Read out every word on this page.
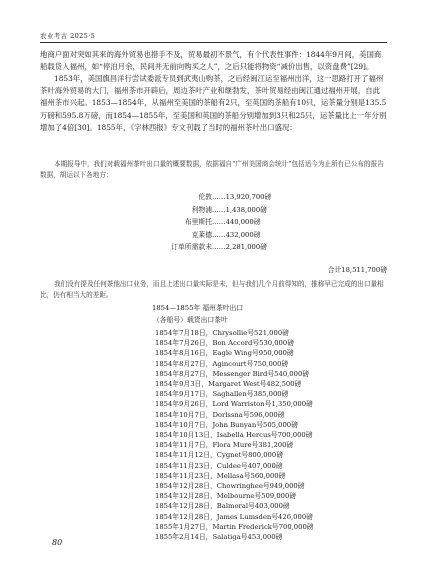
农业考古 2025·5
地商户面对突如其来的海外贸易也措手不及，贸易最初不景气，有个代表性事件：1844年9月间，美国商船载货入福州，如“停泊月余，民间并无前向购买之人”，之后只能将物资“减价出售，以资盘费”[29]。
1853年，美国旗昌洋行尝试委派专员到武夷山购茶，之后经闽江运至福州出洋，这一思路打开了福州茶叶海外贸易的大门，福州茶市开辟后，周边茶叶产业和继勃发，茶叶贸易经由闽江通过福州开展，自此福州茶市兴起。1853—1854年，从福州至美国的茶船有2只，至英国的茶船有10只，运茶量分别是135.5万磅和595.8万磅，而1854—1855年，至美国和英国的茶船分别增加到3只和25只，运茶量比上一年分别增加了4倍[30]。1855年，《字林西报》专文刊载了当时的福州茶叶出口盛况：
本期报导中，我们对载福州茶叶出口量的概要数据，依据福自“广州美国商会统计”包括适今为止所有已公布的报告数据，胡运以下各地方：
伦敦 ……13,920,700磅
利物浦 ……1,438,000磅
布里斯托 ……440,000磅
克莱德 ……432,000磅
订单所需款未 ……2,281,000磅
合计18,511,700磅
我们没有提及任何茶他出口业务，而且上述出口量实际是未，但与我们几个月前得知的，推称早已完成的出口量相比，仍有相当大的差距。
1854—1855年 福州茶叶出口
（各船号）载货出口茶叶
1854年7月18日，Chrysollie号521,000磅
1854年7月26日，Bon Accord号530,000磅
1854年8月16日，Eagle Wing号950,000磅
1854年8月27日，Agincourt号750,000磅
1854年8月27日，Messenger Bird号540,000磅
1854年9月3日，Margaret West号482,500磅
1854年9月17日，Saghallen号385,000磅
1854年9月26日，Lord Warriston号1,350,000磅
1854年10月7日，Dorlssna号596,000磅
1854年10月7日，John Bunyan号505,000磅
1854年10月13日，Isabella Hercus号700,000磅
1854年11月7日，Flora Mure号381,200磅
1854年11月12日，Cygnet号800,000磅
1854年11月23日，Culdee号407,000磅
1854年11月23日，Mellasa号560,000磅
1854年12月28日，Chowringhee号949,000磅
1854年12月28日，Melbourne号509,000磅
1854年12月28日，Balmoral号403,000磅
1854年12月28日，James Lumsden号426,000磅
1855年1月27日，Martin Frederick号700,000磅
1855年2月14日，Salatiga号453,000磅
80
